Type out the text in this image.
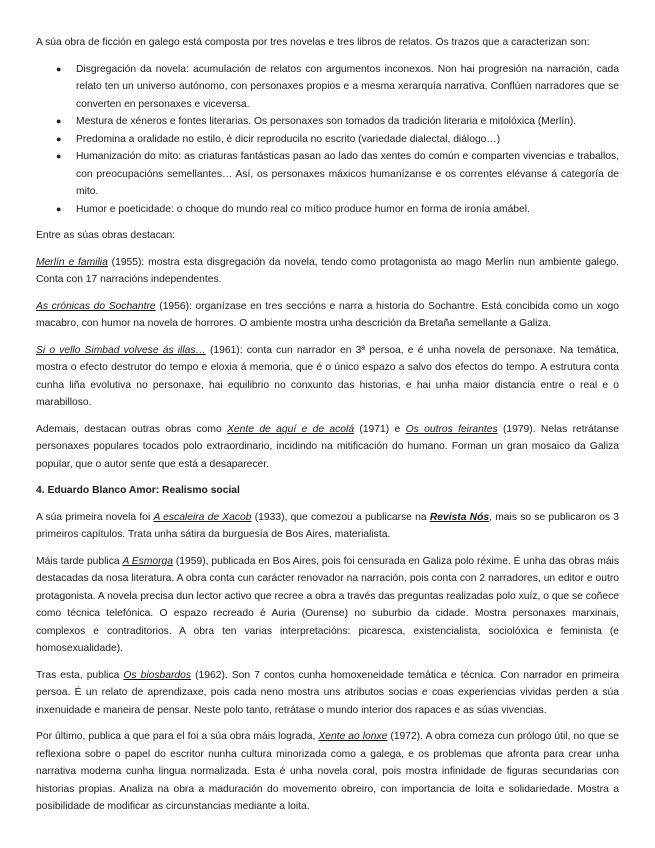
A súa obra de ficción en galego está composta por tres novelas e tres libros de relatos. Os trazos que a caracterizan son:

● Disgregación da novela: acumulación de relatos con argumentos inconexos. Non hai progresión na narración, cada relato ten un universo autónomo, con personaxes propios e a mesma xerarquía narrativa. Conflúen narradores que se converten en personaxes e viceversa.
● Mestura de xéneros e fontes literarias. Os personaxes son tomados da tradición literaria e mitolóxica (Merlín).
● Predomina a oralidade no estilo, é dicir reproducila no escrito (variedade dialectal, diálogo…)
● Humanización do mito: as criaturas fantásticas pasan ao lado das xentes do común e comparten vivencias e traballos, con preocupacións semellantes… Así, os personaxes máxicos humanízanse e os correntes elévanse á categoría de mito.
● Humor e poeticidade: o choque do mundo real co mítico produce humor en forma de ironía amábel.

Entre as súas obras destacan:

Merlín e familia (1955): mostra esta disgregación da novela, tendo como protagonista ao mago Merlín nun ambiente galego. Conta con 17 narracións independentes.

As crónicas do Sochantre (1956): organízase en tres seccións e narra a historia do Sochantre. Está concibida como un xogo macabro, con humor na novela de horrores. O ambiente mostra unha descrición da Bretaña semellante a Galiza.

Si o vello Simbad volvese ás illas… (1961): conta cun narrador en 3ª persoa, e é unha novela de personaxe. Na temática, mostra o efecto destrutor do tempo e eloxia á memoria, que é o único espazo a salvo dos efectos do tempo. A estrutura conta cunha liña evolutiva no personaxe, hai equilibrio no conxunto das historias, e hai unha maior distancia entre o real e o marabilloso.

Ademais, destacan outras obras como Xente de aquí e de acolá (1971) e Os outros feirantes (1979). Nelas retrátanse personaxes populares tocados polo extraordinario, incidindo na mitificación do humano. Forman un gran mosaico da Galiza popular, que o autor sente que está a desaparecer.

4. Eduardo Blanco Amor: Realismo social

A súa primeira novela foi A escaleira de Xacob (1933), que comezou a publicarse na Revista Nós, mais so se publicaron os 3 primeiros capítulos. Trata unha sátira da burguesía de Bos Aires, materialista.

Máis tarde publica A Esmorga (1959), publicada en Bos Aires, pois foi censurada en Galiza polo réxime. É unha das obras máis destacadas da nosa literatura. A obra conta cun carácter renovador na narración, pois conta con 2 narradores, un editor e outro protagonista. A novela precisa dun lector activo que recree a obra a través das preguntas realizadas polo xuíz, o que se coñece como técnica telefónica. O espazo recreado é Auria (Ourense) no suburbio da cidade. Mostra personaxes marxinais, complexos e contraditorios. A obra ten varias interpretacións: picaresca, existencialista, sociolóxica e feminista (e homosexualidade).

Tras esta, publica Os biosbardos (1962). Son 7 contos cunha homoxeneidade temática e técnica. Con narrador en primeira persoa. É un relato de aprendizaxe, pois cada neno mostra uns atributos socias e coas experiencias vividas perden a súa inxenuidade e maneira de pensar. Neste polo tanto, retrátase o mundo interior dos rapaces e as súas vivencias.

Por último, publica a que para el foi a súa obra máis lograda, Xente ao lonxe (1972). A obra comeza cun prólogo útil, no que se reflexiona sobre o papel do escritor nunha cultura minorizada como a galega, e os problemas que afronta para crear unha narrativa moderna cunha lingua normalizada. Esta é unha novela coral, pois mostra infinidade de figuras secundarias con historias propias. Analiza na obra a maduración do movemento obreiro, con importancia de loita e solidariedade. Mostra a posibilidade de modificar as circunstancias mediante a loita.
